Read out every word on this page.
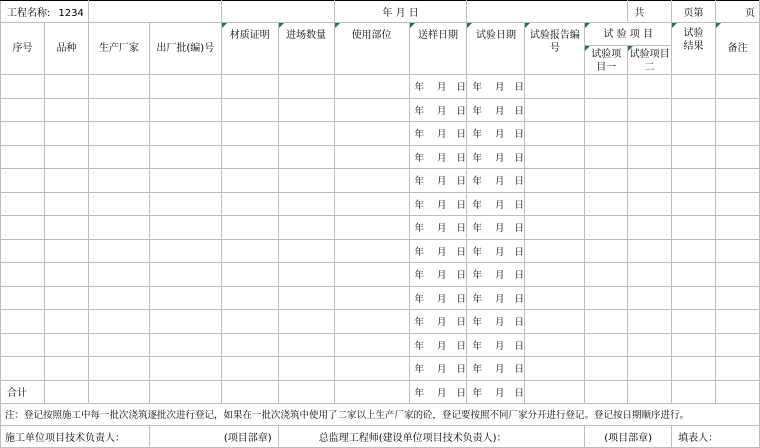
工程名称: 1234						年 月 日					共	页第	页
序号	品种	生产厂家	出厂批(编)号	材质证明	进场数量	使用部位	送样日期	试验日期	试验报告编号	试 验 项 目		试验结果	备注
										试验项目一	试验项目二		
							年 月 日	年 月 日					
							年 月 日	年 月 日					
							年 月 日	年 月 日					
							年 月 日	年 月 日					
							年 月 日	年 月 日					
							年 月 日	年 月 日					
							年 月 日	年 月 日					
							年 月 日	年 月 日					
							年 月 日	年 月 日					
							年 月 日	年 月 日					
							年 月 日	年 月 日					
							年 月 日	年 月 日					
							年 月 日	年 月 日					
合计							年 月 日	年 月 日					
注：登记按照施工中每一批次浇筑逐批次进行登记，如果在一批次浇筑中使用了二家以上生产厂家的砼，登记要按照不同厂家分开进行登记。登记按日期顺序进行。													
施工单位项目技术负责人：			(项目部章)		总监理工程师(建设单位项目技术负责人)：					(项目部章)		填表人：	
